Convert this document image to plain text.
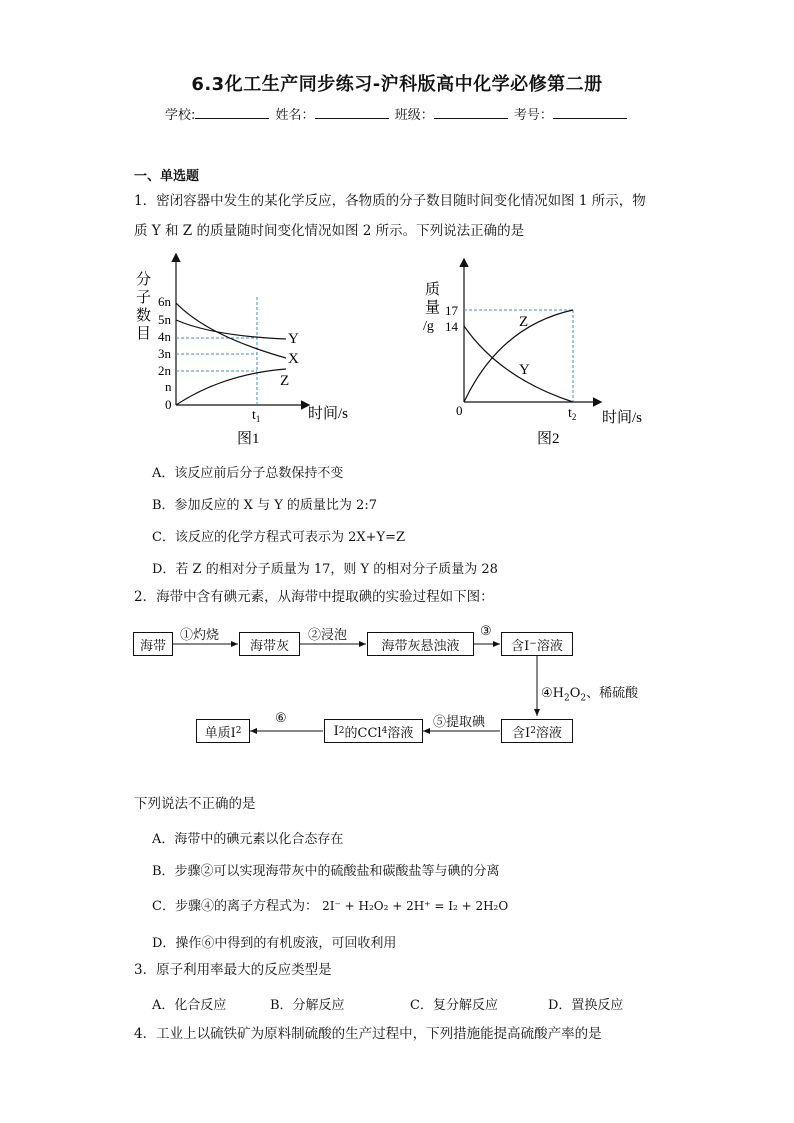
6.3化工生产同步练习-沪科版高中化学必修第二册
学校:	姓名：	班级：	考号：
一、单选题
1．密闭容器中发生的某化学反应，各物质的分子数目随时间变化情况如图 1 所示，物
质 Y 和 Z 的质量随时间变化情况如图 2 所示。下列说法正确的是
分
子
数
目
6n
5n
4n
3n
2n
n
0
Y
X
Z
$t_1$	时间/s
图1
质
量
/g
17
14
0
Z
Y
$t_2$ 时间/s
图2
A．该反应前后分子总数保持不变
B．参加反应的 X 与 Y 的质量比为 2:7
C．该反应的化学方程式可表示为 2X+Y=Z
D．若 Z 的相对分子质量为 17，则 Y 的相对分子质量为 28
2．海带中含有碘元素，从海带中提取碘的实验过程如下图：
海带	海带灰	海带灰悬浊液	含I − 溶液
含I 2 溶液
I 2 的CCl 4 溶液
单质I 2
①灼烧	②浸泡	③
$④H_2O_2$、稀硫酸
⑤提取碘
⑥
下列说法不正确的是
A．海带中的碘元素以化合态存在
B．步骤②可以实现海带灰中的硫酸盐和碳酸盐等与碘的分离
C．步骤④的离子方程式为： 2I⁻ + H₂O₂ + 2H⁺ = I₂ + 2H₂O
D．操作⑥中得到的有机废液，可回收利用
3．原子利用率最大的反应类型是
A．化合反应	B．分解反应	C．复分解反应	D．置换反应
4．工业上以硫铁矿为原料制硫酸的生产过程中，下列措施能提高硫酸产率的是
